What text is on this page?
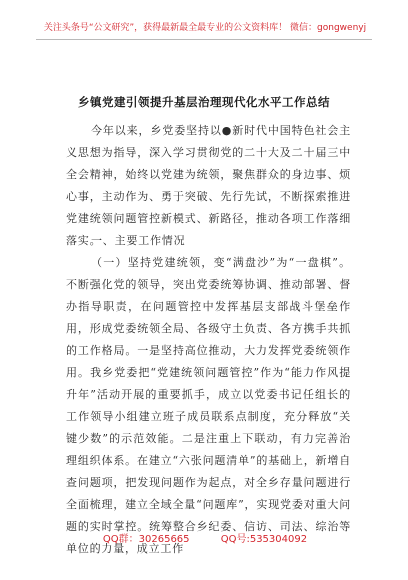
关注头条号“公文研究”，获得最新最全最专业的公文资料库！ 微信：gongwenyj
乡镇党建引领提升基层治理现代化水平工作总结
今年以来，乡党委坚持以●新时代中国特色社会主义思想为指导，深入学习贯彻党的二十大及二十届三中全会精神，始终以党建为统领，聚焦群众的身边事、烦心事，主动作为、勇于突破、先行先试，不断探索推进党建统领问题管控新模式、新路径，推动各项工作落细落实。
一、主要工作情况
（一）坚持党建统领，变“满盘沙”为“一盘棋”。不断强化党的领导，突出党委统筹协调、推动部署、督办指导职责，在问题管控中发挥基层支部战斗堡垒作用，形成党委统领全局、各级守土负责、各方携手共抓的工作格局。一是坚持高位推动，大力发挥党委统领作用。我乡党委把“党建统领问题管控”作为“能力作风提升年”活动开展的重要抓手，成立以党委书记任组长的工作领导小组建立班子成员联系点制度，充分释放“关键少数”的示范效能。二是注重上下联动，有力完善治理组织体系。在建立“六张问题清单”的基础上，新增自查问题项，把发现问题作为起点，对全乡存量问题进行全面梳理，建立全域全量“问题库”，实现党委对重大问题的实时掌控。统筹整合乡纪委、信访、司法、综治等单位的力量，成立工作
QQ群：30265665	QQ号:535304092
